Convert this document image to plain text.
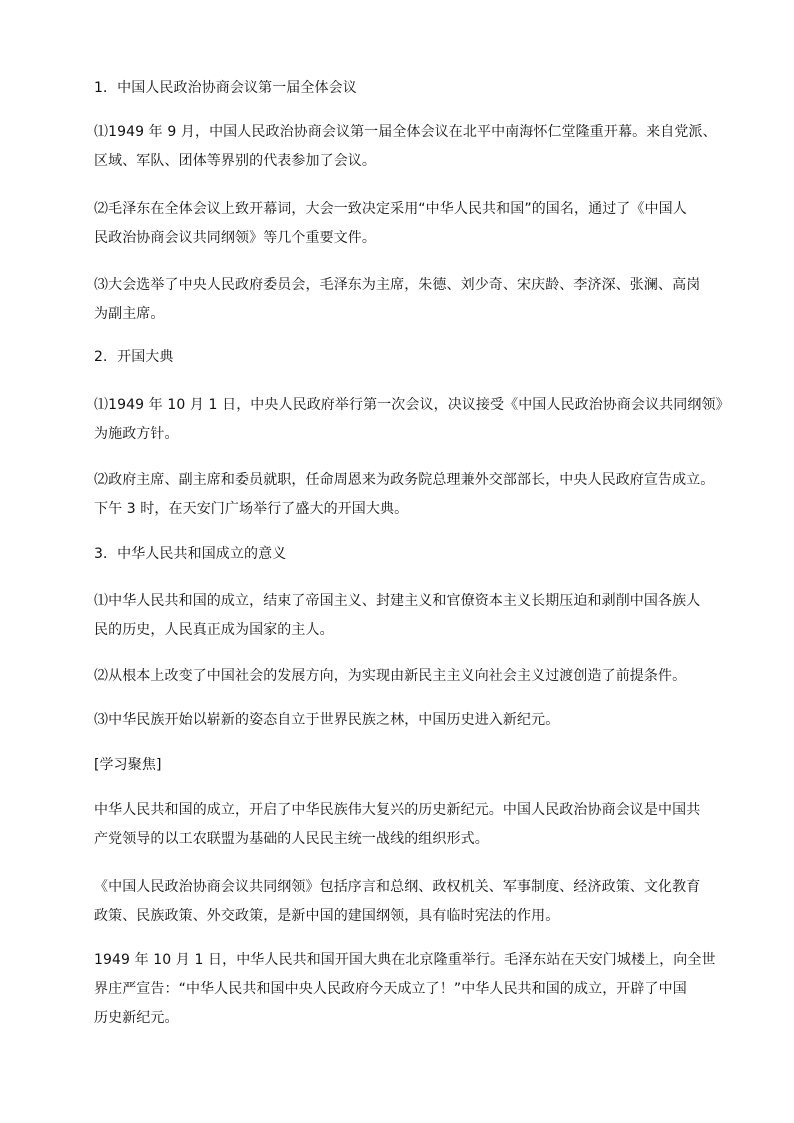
1．中国人民政治协商会议第一届全体会议

⑴1949 年 9 月，中国人民政治协商会议第一届全体会议在北平中南海怀仁堂隆重开幕。来自党派、
区域、军队、团体等界别的代表参加了会议。

⑵毛泽东在全体会议上致开幕词，大会一致决定采用“中华人民共和国”的国名，通过了《中国人
民政治协商会议共同纲领》等几个重要文件。

⑶大会选举了中央人民政府委员会，毛泽东为主席，朱德、刘少奇、宋庆龄、李济深、张澜、高岗
为副主席。

2．开国大典

⑴1949 年 10 月 1 日，中央人民政府举行第一次会议，决议接受《中国人民政治协商会议共同纲领》
为施政方针。

⑵政府主席、副主席和委员就职，任命周恩来为政务院总理兼外交部部长，中央人民政府宣告成立。
下午 3 时，在天安门广场举行了盛大的开国大典。

3．中华人民共和国成立的意义

⑴中华人民共和国的成立，结束了帝国主义、封建主义和官僚资本主义长期压迫和剥削中国各族人
民的历史，人民真正成为国家的主人。

⑵从根本上改变了中国社会的发展方向，为实现由新民主主义向社会主义过渡创造了前提条件。

⑶中华民族开始以崭新的姿态自立于世界民族之林，中国历史进入新纪元。

[学习聚焦]

中华人民共和国的成立，开启了中华民族伟大复兴的历史新纪元。中国人民政治协商会议是中国共
产党领导的以工农联盟为基础的人民民主统一战线的组织形式。

《中国人民政治协商会议共同纲领》包括序言和总纲、政权机关、军事制度、经济政策、文化教育
政策、民族政策、外交政策，是新中国的建国纲领，具有临时宪法的作用。

1949 年 10 月 1 日，中华人民共和国开国大典在北京隆重举行。毛泽东站在天安门城楼上，向全世
界庄严宣告：“中华人民共和国中央人民政府今天成立了！”中华人民共和国的成立，开辟了中国
历史新纪元。
